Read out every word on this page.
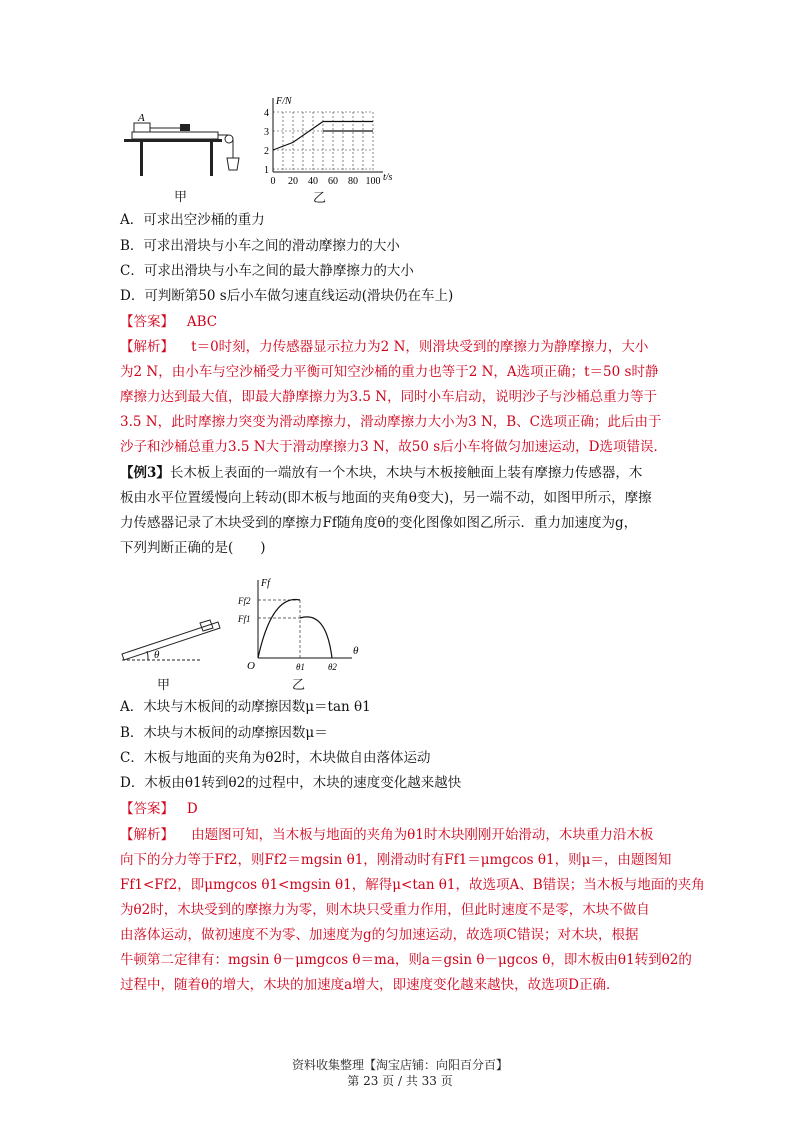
A
甲
F/N
t/s
4
3
2
1
0 20 40 60 80 100
乙
A．可求出空沙桶的重力
B．可求出滑块与小车之间的滑动摩擦力的大小
C．可求出滑块与小车之间的最大静摩擦力的大小
D．可判断第50 s后小车做匀速直线运动(滑块仍在车上)
【答案】 ABC
【解析】 t＝0时刻，力传感器显示拉力为2 N，则滑块受到的摩擦力为静摩擦力，大小
为2 N，由小车与空沙桶受力平衡可知空沙桶的重力也等于2 N，A选项正确；t＝50 s时静
摩擦力达到最大值，即最大静摩擦力为3.5 N，同时小车启动，说明沙子与沙桶总重力等于
3.5 N，此时摩擦力突变为滑动摩擦力，滑动摩擦力大小为3 N，B、C选项正确；此后由于
沙子和沙桶总重力3.5 N大于滑动摩擦力3 N，故50 s后小车将做匀加速运动，D选项错误．
【例3】长木板上表面的一端放有一个木块，木块与木板接触面上装有摩擦力传感器，木
板由水平位置缓慢向上转动(即木板与地面的夹角θ变大)，另一端不动，如图甲所示，摩擦
力传感器记录了木块受到的摩擦力Ff随角度θ的变化图像如图乙所示．重力加速度为g，
下列判断正确的是(　　)
θ
甲
Ff
θ
O
Ff2
Ff1
θ1	θ2
乙
A．木块与木板间的动摩擦因数μ＝tan θ1
B．木块与木板间的动摩擦因数μ＝
C．木板与地面的夹角为θ2时，木块做自由落体运动
D．木板由θ1转到θ2的过程中，木块的速度变化越来越快
【答案】 D
【解析】 由题图可知，当木板与地面的夹角为θ1时木块刚刚开始滑动，木块重力沿木板
向下的分力等于Ff2，则Ff2＝mgsin θ1，刚滑动时有Ff1＝μmgcos θ1，则μ＝，由题图知
Ff1<Ff2，即μmgcos θ1<mgsin θ1，解得μ<tan θ1，故选项A、B错误；当木板与地面的夹角
为θ2时，木块受到的摩擦力为零，则木块只受重力作用，但此时速度不是零，木块不做自
由落体运动，做初速度不为零、加速度为g的匀加速运动，故选项C错误；对木块，根据
牛顿第二定律有：mgsin θ－μmgcos θ＝ma，则a＝gsin θ－μgcos θ，即木板由θ1转到θ2的
过程中，随着θ的增大，木块的加速度a增大，即速度变化越来越快，故选项D正确．
资料收集整理【淘宝店铺：向阳百分百】
第 23 页 / 共 33 页
